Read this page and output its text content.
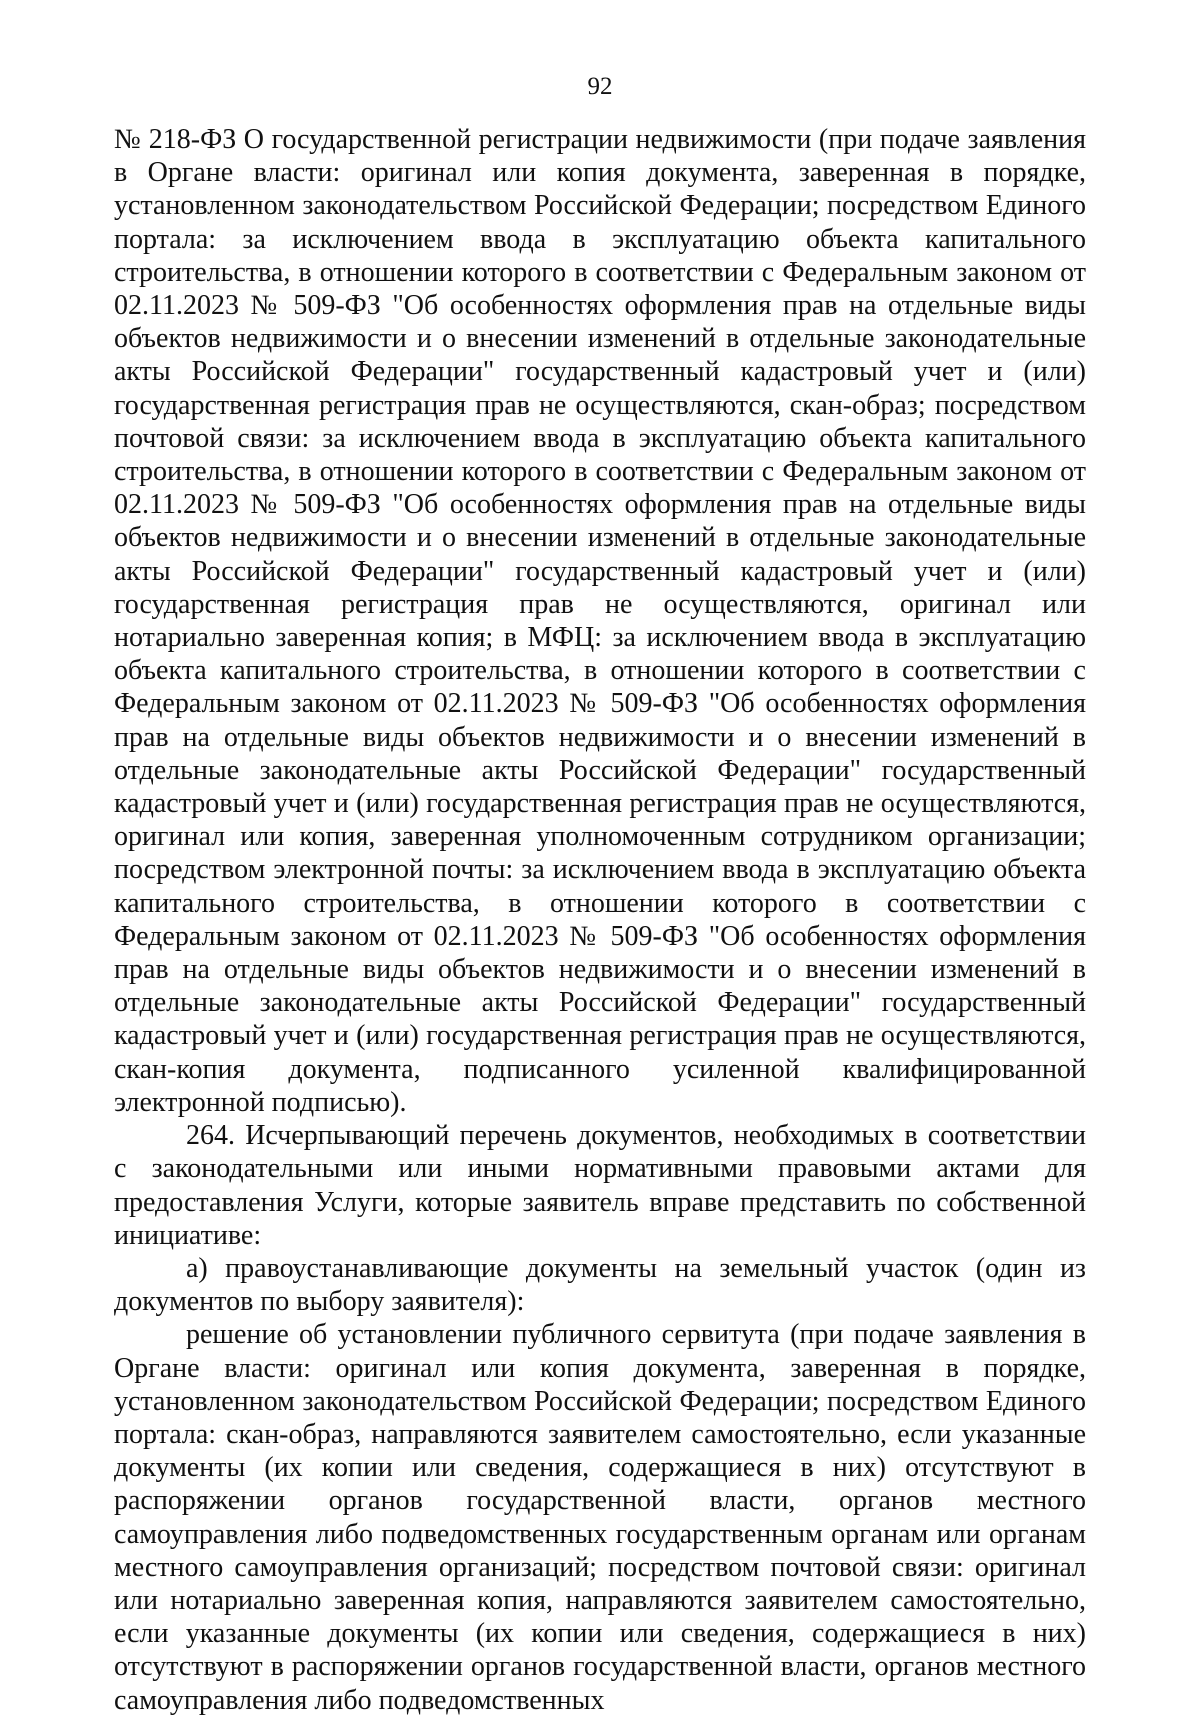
92

№ 218-ФЗ О государственной регистрации недвижимости (при подаче заявления в Органе власти: оригинал или копия документа, заверенная в порядке, установленном законодательством Российской Федерации; посредством Единого портала: за исключением ввода в эксплуатацию объекта капитального строительства, в отношении которого в соответствии с Федеральным законом от 02.11.2023 № 509-ФЗ "Об особенностях оформления прав на отдельные виды объектов недвижимости и о внесении изменений в отдельные законодательные акты Российской Федерации" государственный кадастровый учет и (или) государственная регистрация прав не осуществляются, скан-образ; посредством почтовой связи: за исключением ввода в эксплуатацию объекта капитального строительства, в отношении которого в соответствии с Федеральным законом от 02.11.2023 № 509-ФЗ "Об особенностях оформления прав на отдельные виды объектов недвижимости и о внесении изменений в отдельные законодательные акты Российской Федерации" государственный кадастровый учет и (или) государственная регистрация прав не осуществляются, оригинал или нотариально заверенная копия; в МФЦ: за исключением ввода в эксплуатацию объекта капитального строительства, в отношении которого в соответствии с Федеральным законом от 02.11.2023 № 509-ФЗ "Об особенностях оформления прав на отдельные виды объектов недвижимости и о внесении изменений в отдельные законодательные акты Российской Федерации" государственный кадастровый учет и (или) государственная регистрация прав не осуществляются, оригинал или копия, заверенная уполномоченным сотрудником организации; посредством электронной почты: за исключением ввода в эксплуатацию объекта капитального строительства, в отношении которого в соответствии с Федеральным законом от 02.11.2023 № 509-ФЗ "Об особенностях оформления прав на отдельные виды объектов недвижимости и о внесении изменений в отдельные законодательные акты Российской Федерации" государственный кадастровый учет и (или) государственная регистрация прав не осуществляются, скан-копия документа, подписанного усиленной квалифицированной электронной подписью).

264. Исчерпывающий перечень документов, необходимых в соответствии с законодательными или иными нормативными правовыми актами для предоставления Услуги, которые заявитель вправе представить по собственной инициативе:

а) правоустанавливающие документы на земельный участок (один из документов по выбору заявителя):

решение об установлении публичного сервитута (при подаче заявления в Органе власти: оригинал или копия документа, заверенная в порядке, установленном законодательством Российской Федерации; посредством Единого портала: скан-образ, направляются заявителем самостоятельно, если указанные документы (их копии или сведения, содержащиеся в них) отсутствуют в распоряжении органов государственной власти, органов местного самоуправления либо подведомственных государственным органам или органам местного самоуправления организаций; посредством почтовой связи: оригинал или нотариально заверенная копия, направляются заявителем самостоятельно, если указанные документы (их копии или сведения, содержащиеся в них) отсутствуют в распоряжении органов государственной власти, органов местного самоуправления либо подведомственных
